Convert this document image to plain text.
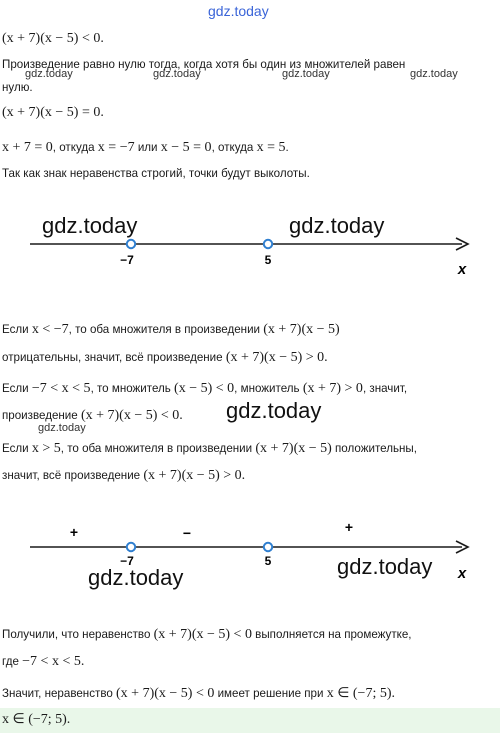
gdz.today
(x + 7)(x − 5) < 0.
Произведение равно нулю тогда, когда хотя бы один из множителей равен
gdz.today	gdz.today	gdz.today	gdz.today
нулю.
(x + 7)(x − 5) = 0.
x + 7 = 0, откуда x = −7 или x − 5 = 0, откуда x = 5.
Так как знак неравенства строгий, точки будут выколоты.
−7	5
x
gdz.today	gdz.today
Если x < −7, то оба множителя в произведении (x + 7)(x − 5)
отрицательны, значит, всё произведение (x + 7)(x − 5) > 0.
Если −7 < x < 5, то множитель (x − 5) < 0, множитель (x + 7) > 0, значит,
произведение (x + 7)(x − 5) < 0. gdz.today
gdz.today
Если x > 5, то оба множителя в произведении (x + 7)(x − 5) положительны,
значит, всё произведение (x + 7)(x − 5) > 0.
+	−	+
−7	5
x
gdz.today	gdz.today
Получили, что неравенство (x + 7)(x − 5) < 0 выполняется на промежутке,
где −7 < x < 5.
Значит, неравенство (x + 7)(x − 5) < 0 имеет решение при x ∈ (−7; 5).
x ∈ (−7; 5).
